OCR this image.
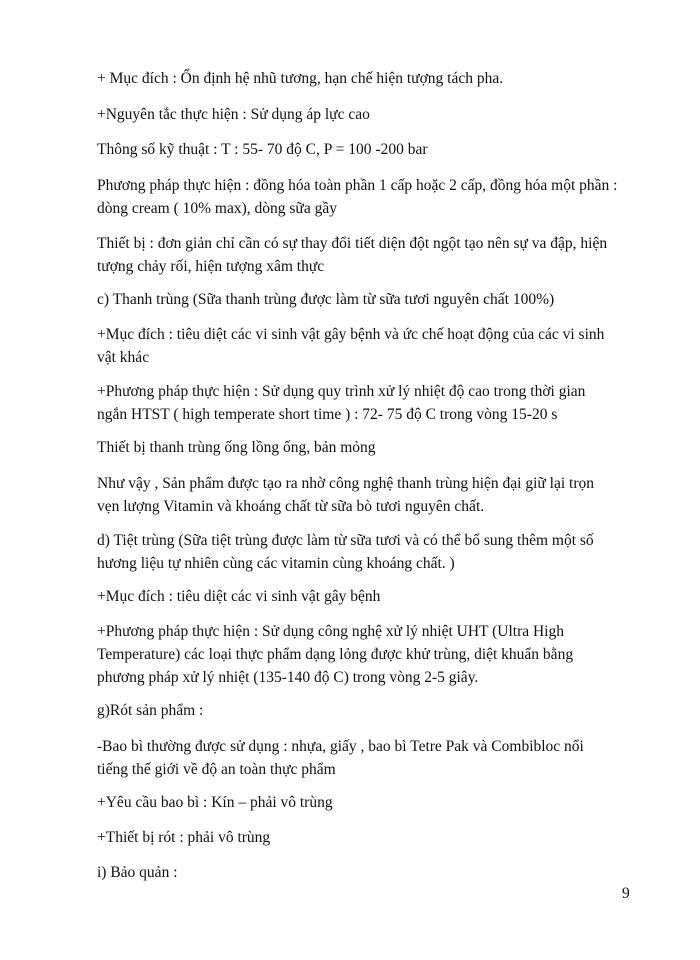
+ Mục đích : Ổn định hệ nhũ tương, hạn chế hiện tượng tách pha.

+Nguyên tắc thực hiện : Sử dụng áp lực cao

Thông số kỹ thuật : T : 55- 70 độ C, P = 100 -200 bar

Phương pháp thực hiện : đồng hóa toàn phần 1 cấp hoặc 2 cấp, đồng hóa một phần :
dòng cream ( 10% max), dòng sữa gầy

Thiết bị : đơn giản chỉ cần có sự thay đổi tiết diện đột ngột tạo nên sự va đập, hiện
tượng chảy rối, hiện tượng xâm thực

c) Thanh trùng (Sữa thanh trùng được làm từ sữa tươi nguyên chất 100%)

+Mục đích : tiêu diệt các vi sinh vật gây bệnh và ức chế hoạt động của các vi sinh
vật khác

+Phương pháp thực hiện : Sử dụng quy trình xử lý nhiệt độ cao trong thời gian
ngắn HTST ( high temperate short time ) : 72- 75 độ C trong vòng 15-20 s

Thiết bị thanh trùng ống lồng ống, bản mỏng

Như vậy , Sản phẩm được tạo ra nhờ công nghệ thanh trùng hiện đại giữ lại trọn
vẹn lượng Vitamin và khoáng chất từ sữa bò tươi nguyên chất.

d) Tiệt trùng (Sữa tiệt trùng được làm từ sữa tươi và có thể bổ sung thêm một số
hương liệu tự nhiên cùng các vitamin cùng khoáng chất. )

+Mục đích : tiêu diệt các vi sinh vật gây bệnh

+Phương pháp thực hiện : Sử dụng công nghệ xử lý nhiệt UHT (Ultra High
Temperature) các loại thực phẩm dạng lỏng được khử trùng, diệt khuẩn bằng
phương pháp xử lý nhiệt (135-140 độ C) trong vòng 2-5 giây.

g)Rót sản phẩm :

-Bao bì thường được sử dụng : nhựa, giấy , bao bì Tetre Pak và Combibloc nổi
tiếng thế giới về độ an toàn thực phẩm

+Yêu cầu bao bì : Kín – phải vô trùng

+Thiết bị rót : phải vô trùng

i) Bảo quản :

9
